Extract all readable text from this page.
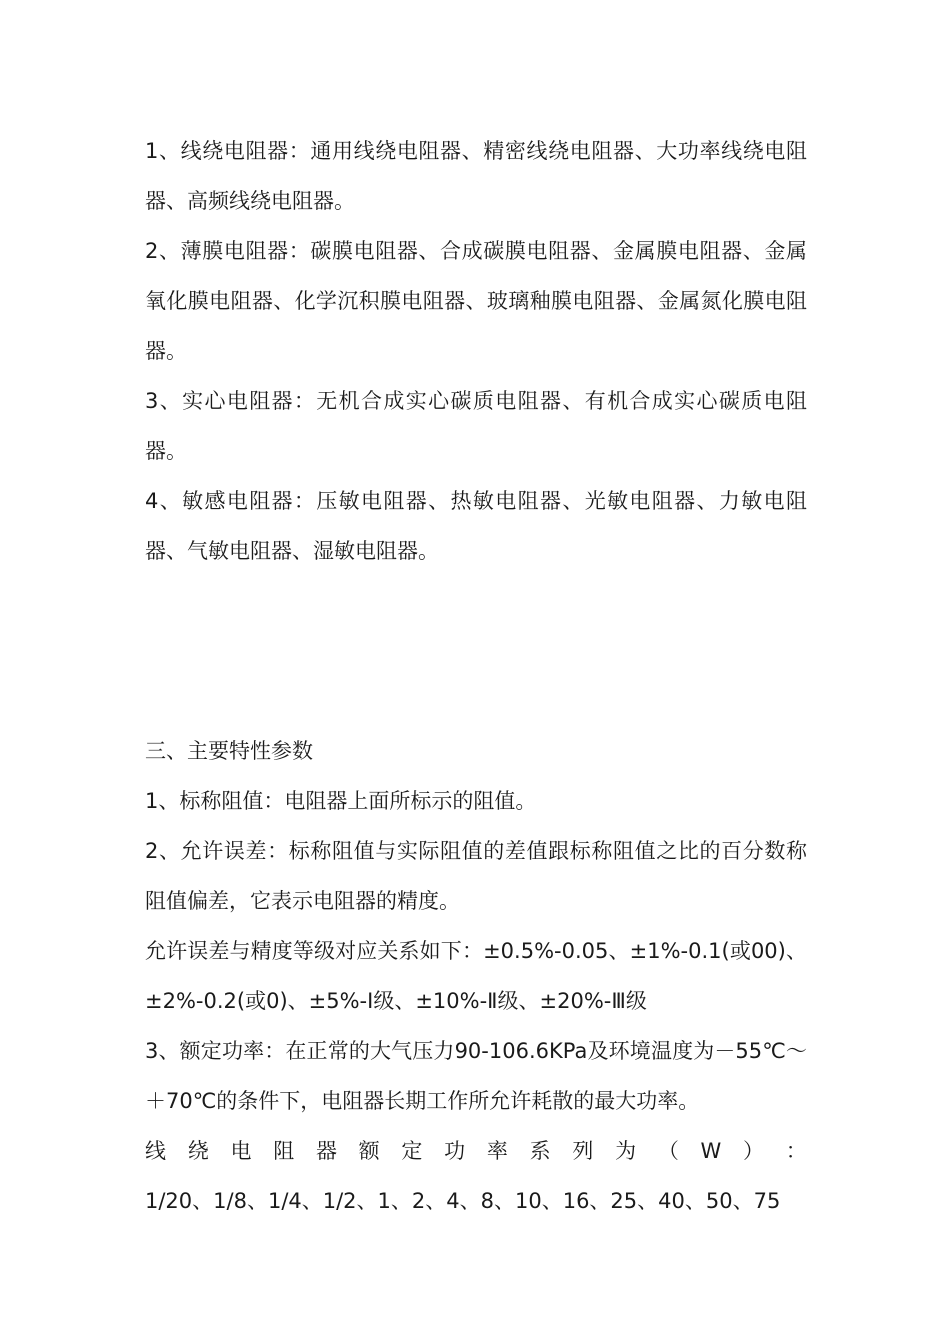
1、线绕电阻器：通用线绕电阻器、精密线绕电阻器、大功率线绕电阻器、高频线绕电阻器。

2、薄膜电阻器：碳膜电阻器、合成碳膜电阻器、金属膜电阻器、金属氧化膜电阻器、化学沉积膜电阻器、玻璃釉膜电阻器、金属氮化膜电阻器。

3、实心电阻器：无机合成实心碳质电阻器、有机合成实心碳质电阻器。

4、敏感电阻器：压敏电阻器、热敏电阻器、光敏电阻器、力敏电阻器、气敏电阻器、湿敏电阻器。

三、主要特性参数

1、标称阻值：电阻器上面所标示的阻值。

2、允许误差：标称阻值与实际阻值的差值跟标称阻值之比的百分数称阻值偏差，它表示电阻器的精度。

允许误差与精度等级对应关系如下：±0.5%-0.05、±1%-0.1(或00)、±2%-0.2(或0)、±5%-Ⅰ级、±10%-Ⅱ级、±20%-Ⅲ级

3、额定功率：在正常的大气压力90-106.6KPa及环境温度为－55℃～＋70℃的条件下，电阻器长期工作所允许耗散的最大功率。

线 绕 电 阻 器 额 定 功 率 系 列 为 （ W ） ：

1/20、1/8、1/4、1/2、1、2、4、8、10、16、25、40、50、75
